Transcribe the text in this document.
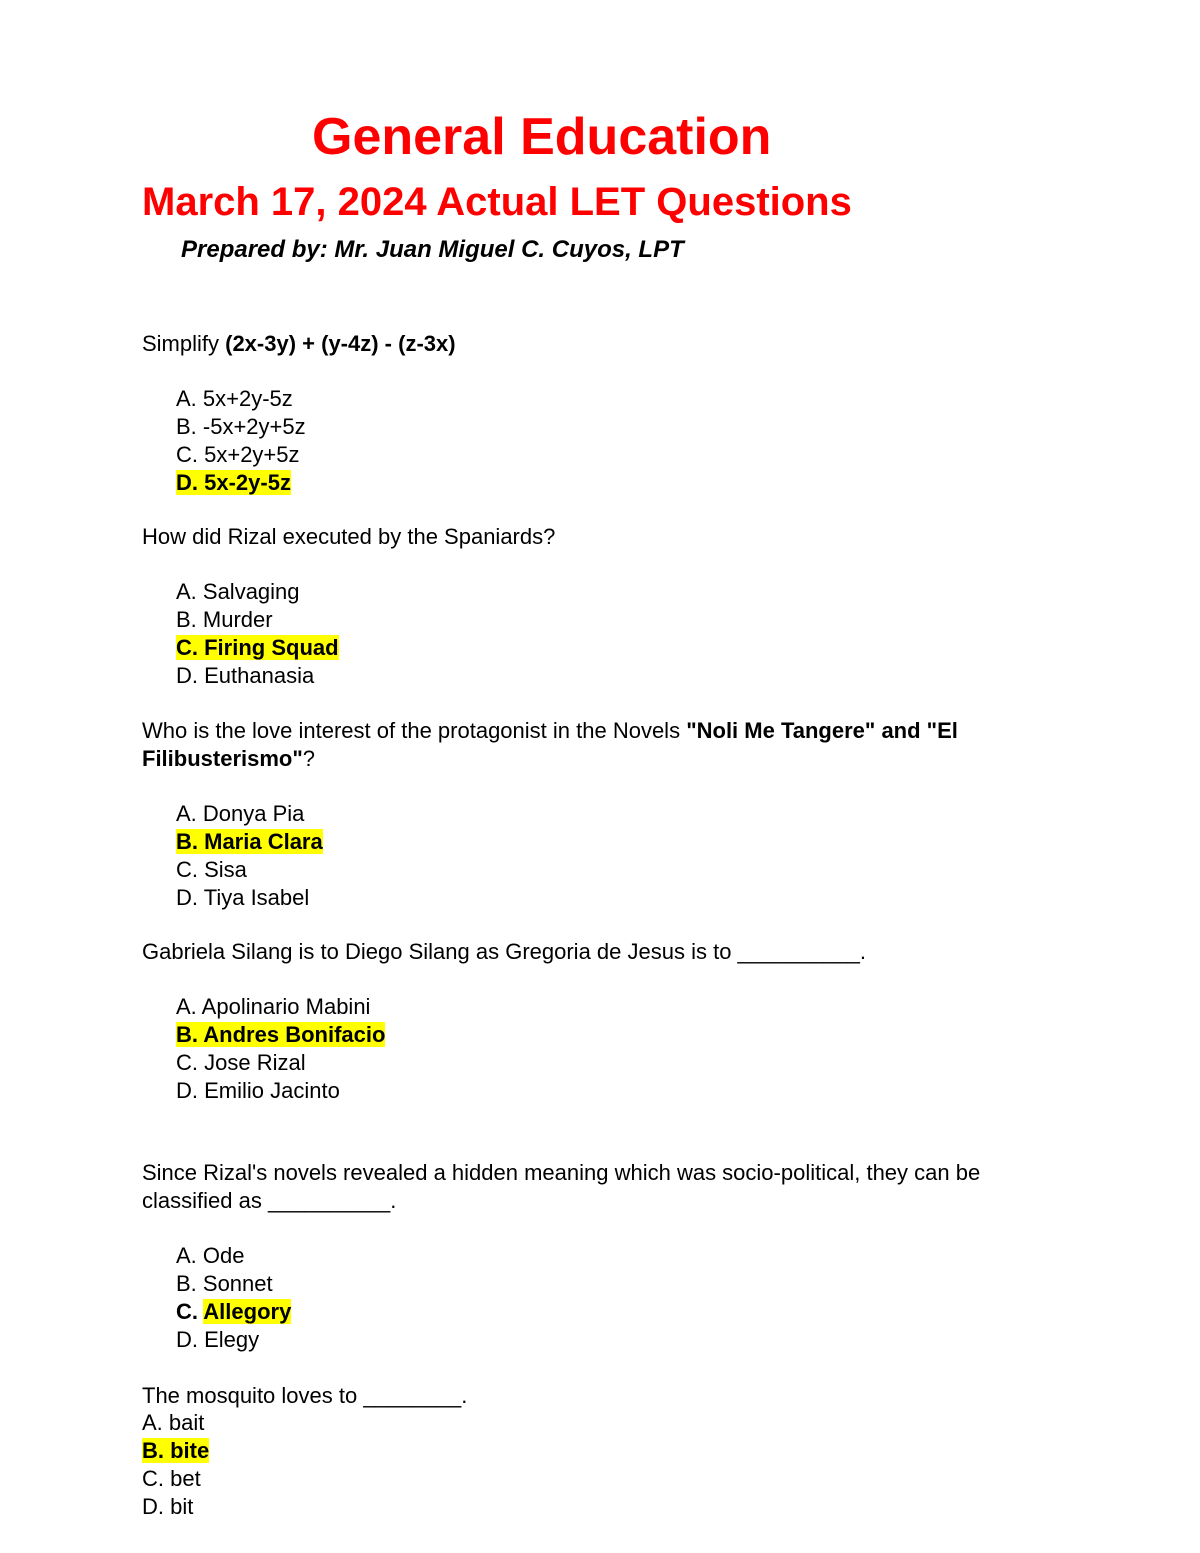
General Education
March 17, 2024 Actual LET Questions

Prepared by: Mr. Juan Miguel C. Cuyos, LPT

Simplify (2x-3y) + (y-4z) - (z-3x)

A. 5x+2y-5z
B. -5x+2y+5z
C. 5x+2y+5z
D. 5x-2y-5z

How did Rizal executed by the Spaniards?

A. Salvaging
B. Murder
C. Firing Squad
D. Euthanasia

Who is the love interest of the protagonist in the Novels "Noli Me Tangere" and "El Filibusterismo"?

A. Donya Pia
B. Maria Clara
C. Sisa
D. Tiya Isabel

Gabriela Silang is to Diego Silang as Gregoria de Jesus is to __________.

A. Apolinario Mabini
B. Andres Bonifacio
C. Jose Rizal
D. Emilio Jacinto

Since Rizal's novels revealed a hidden meaning which was socio-political, they can be classified as __________.

A. Ode
B. Sonnet
C. Allegory
D. Elegy

The mosquito loves to ________.

A. bait
B. bite
C. bet
D. bit
